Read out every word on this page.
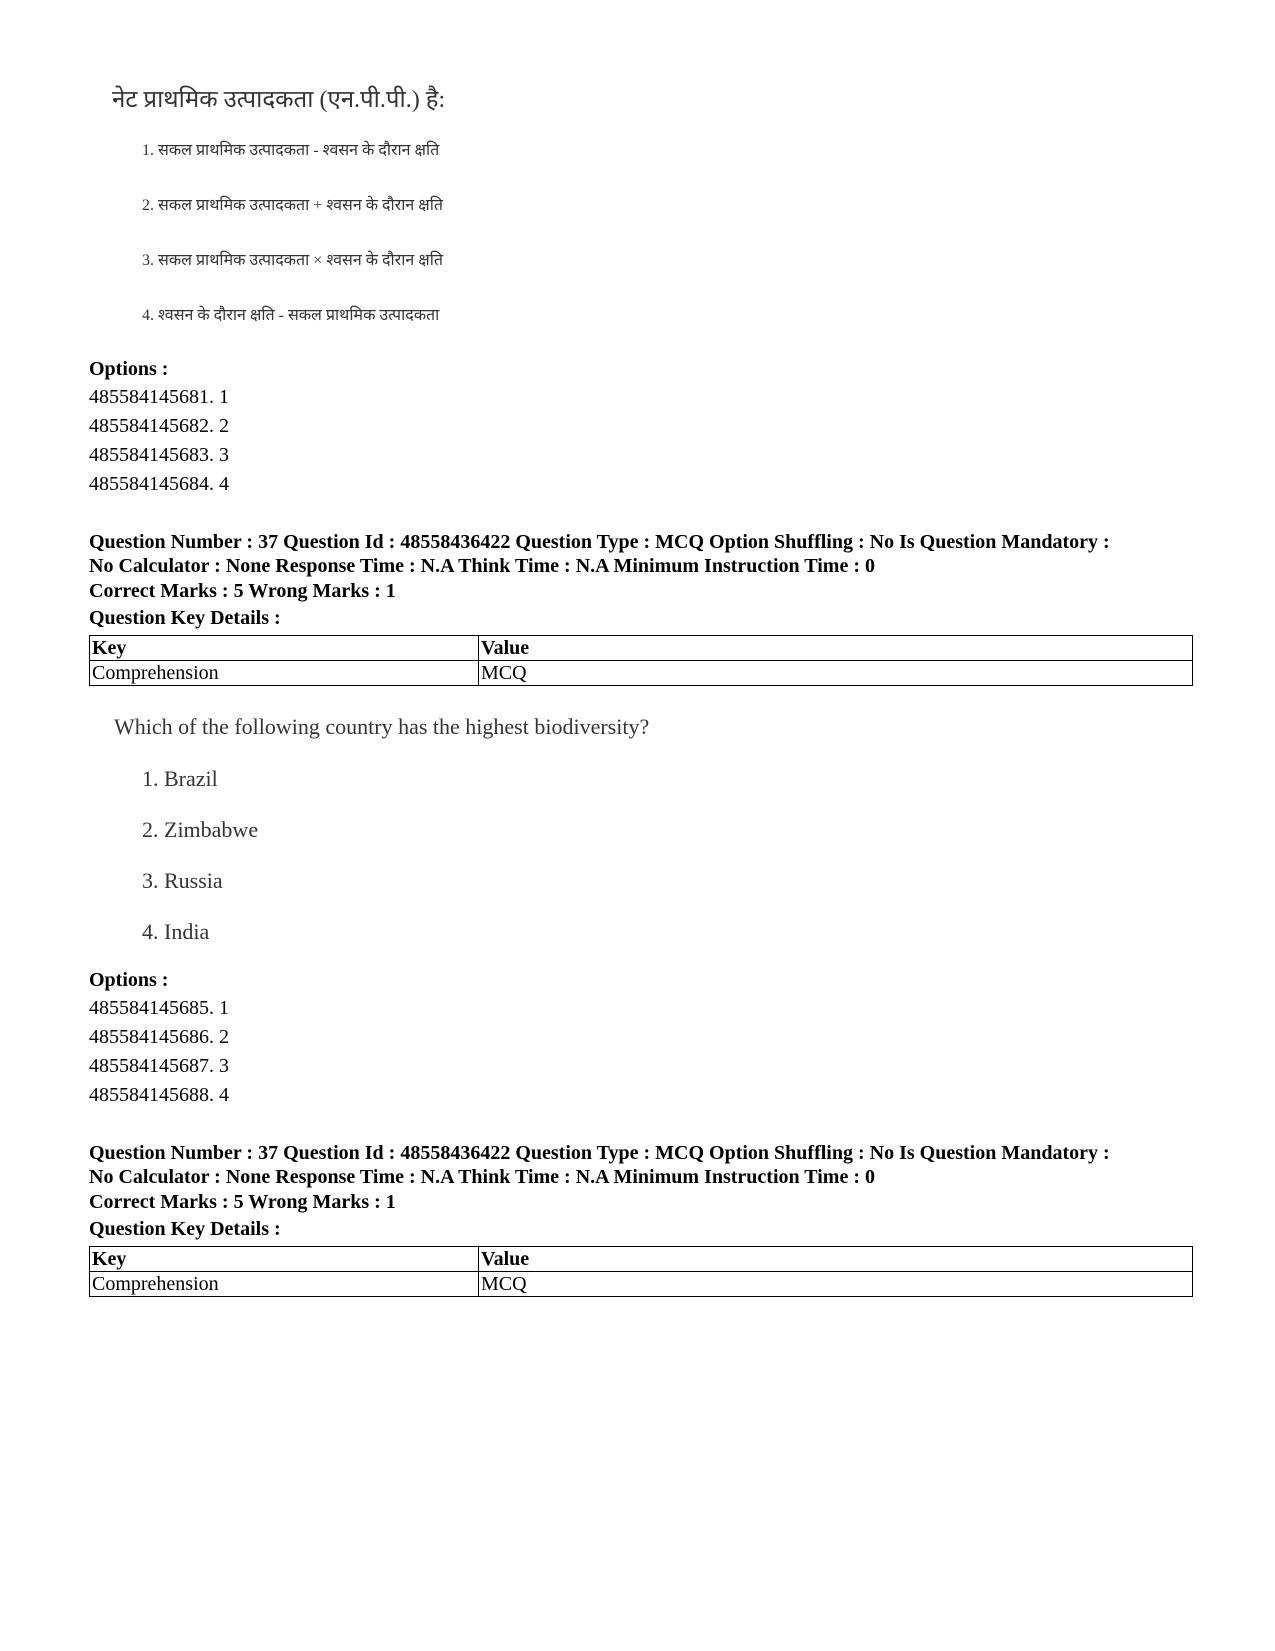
नेट प्राथमिक उत्पादकता (एन.पी.पी.) है:
1. सकल प्राथमिक उत्पादकता - श्वसन के दौरान क्षति
2. सकल प्राथमिक उत्पादकता + श्वसन के दौरान क्षति
3. सकल प्राथमिक उत्पादकता × श्वसन के दौरान क्षति
4. श्वसन के दौरान क्षति - सकल प्राथमिक उत्पादकता
Options :
485584145681. 1
485584145682. 2
485584145683. 3
485584145684. 4
Question Number : 37 Question Id : 48558436422 Question Type : MCQ Option Shuffling : No Is Question Mandatory :
No Calculator : None Response Time : N.A Think Time : N.A Minimum Instruction Time : 0
Correct Marks : 5 Wrong Marks : 1
Question Key Details :
Key	Value
Comprehension	MCQ
Which of the following country has the highest biodiversity?
1. Brazil
2. Zimbabwe
3. Russia
4. India
Options :
485584145685. 1
485584145686. 2
485584145687. 3
485584145688. 4
Question Number : 37 Question Id : 48558436422 Question Type : MCQ Option Shuffling : No Is Question Mandatory :
No Calculator : None Response Time : N.A Think Time : N.A Minimum Instruction Time : 0
Correct Marks : 5 Wrong Marks : 1
Question Key Details :
Key	Value
Comprehension	MCQ
